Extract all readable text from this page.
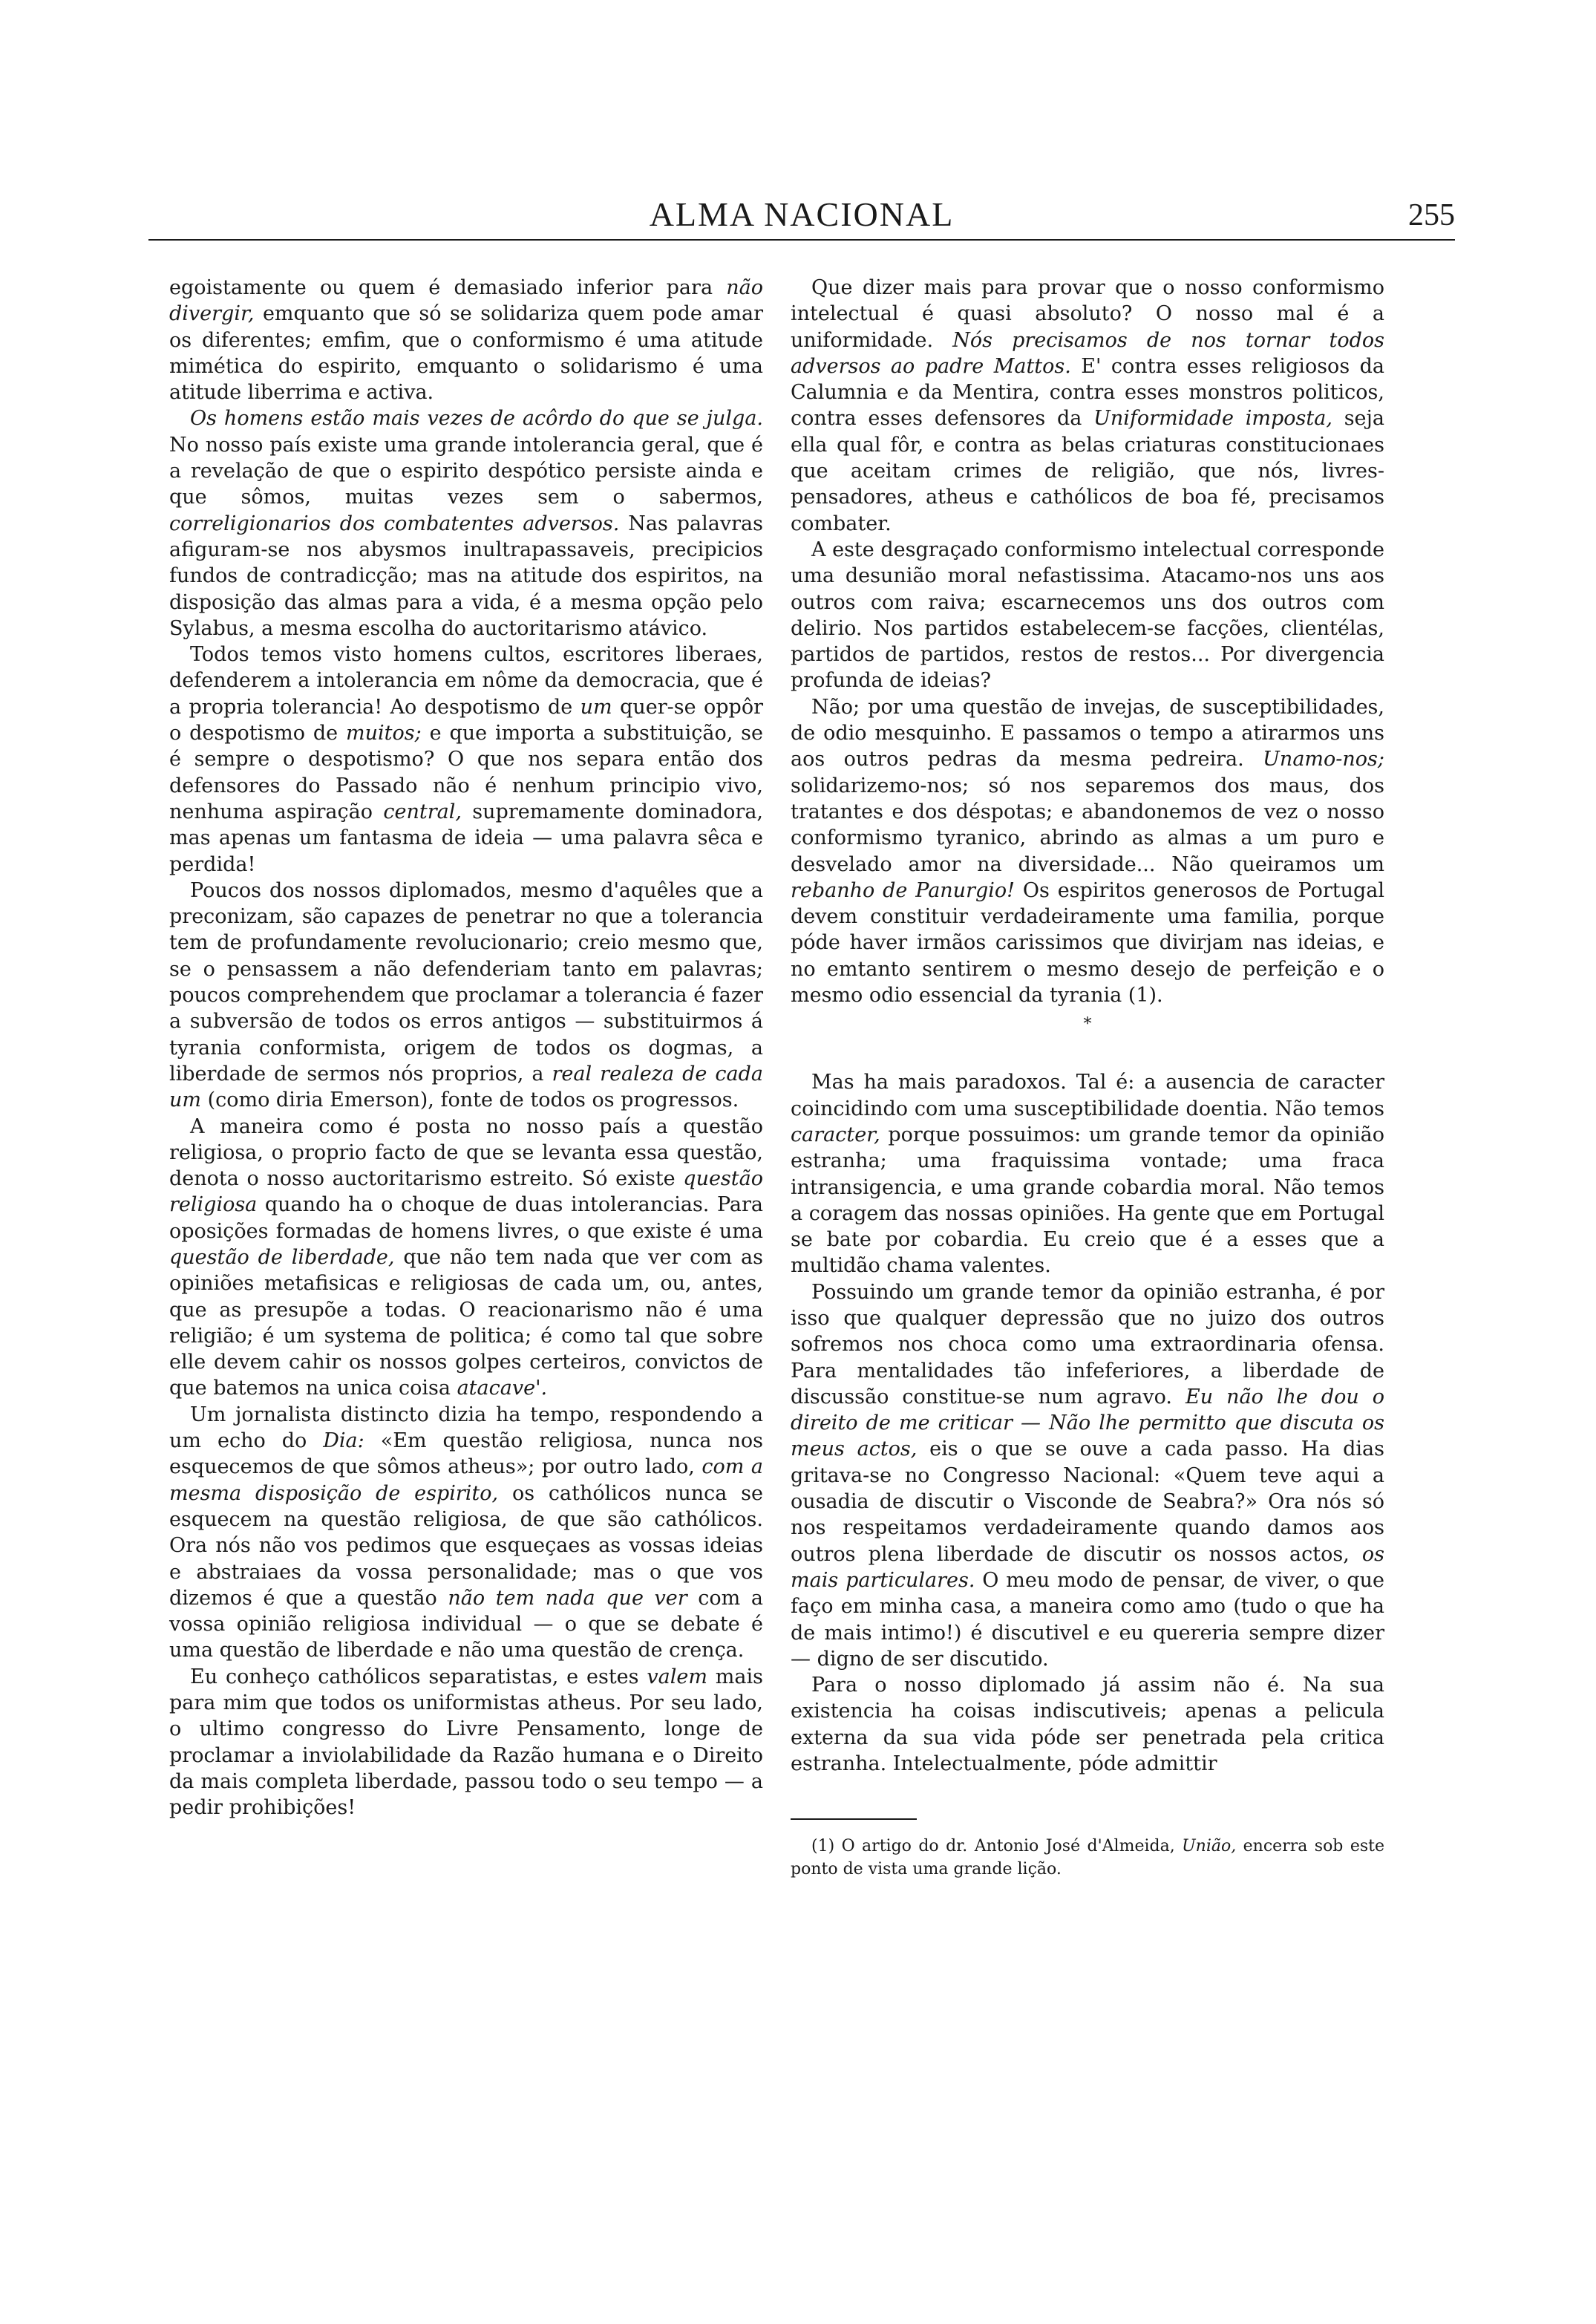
ALMA NACIONAL	255

egoistamente ou quem é demasiado inferior para não divergir, emquanto que só se solidariza quem pode amar os diferentes; emfim, que o conformismo é uma atitude mimética do espirito, emquanto o solidarismo é uma atitude liberrima e activa.

Os homens estão mais vezes de acôrdo do que se julga. No nosso país existe uma grande intolerancia geral, que é a revelação de que o espirito despótico persiste ainda e que sômos, muitas vezes sem o sabermos, correligionarios dos combatentes adversos. Nas palavras afiguram-se nos abysmos inultrapassaveis, precipicios fundos de contradicção; mas na atitude dos espiritos, na disposição das almas para a vida, é a mesma opção pelo Sylabus, a mesma escolha do auctoritarismo atávico.

Todos temos visto homens cultos, escritores liberaes, defenderem a intolerancia em nôme da democracia, que é a propria tolerancia! Ao despotismo de um quer-se oppôr o despotismo de muitos; e que importa a substituição, se é sempre o despotismo? O que nos separa então dos defensores do Passado não é nenhum principio vivo, nenhuma aspiração central, supremamente dominadora, mas apenas um fantasma de ideia — uma palavra sêca e perdida!

Poucos dos nossos diplomados, mesmo d'aquêles que a preconizam, são capazes de penetrar no que a tolerancia tem de profundamente revolucionario; creio mesmo que, se o pensassem a não defenderiam tanto em palavras; poucos comprehendem que proclamar a tolerancia é fazer a subversão de todos os erros antigos — substituirmos á tyrania conformista, origem de todos os dogmas, a liberdade de sermos nós proprios, a real realeza de cada um (como diria Emerson), fonte de todos os progressos.

A maneira como é posta no nosso país a questão religiosa, o proprio facto de que se levanta essa questão, denota o nosso auctoritarismo estreito. Só existe questão religiosa quando ha o choque de duas intolerancias. Para oposições formadas de homens livres, o que existe é uma questão de liberdade, que não tem nada que ver com as opiniões metafisicas e religiosas de cada um, ou, antes, que as presupõe a todas. O reacionarismo não é uma religião; é um systema de politica; é como tal que sobre elle devem cahir os nossos golpes certeiros, convictos de que batemos na unica coisa atacave'.

Um jornalista distincto dizia ha tempo, respondendo a um echo do Dia: «Em questão religiosa, nunca nos esquecemos de que sômos atheus»; por outro lado, com a mesma disposição de espirito, os cathólicos nunca se esquecem na questão religiosa, de que são cathólicos. Ora nós não vos pedimos que esqueçaes as vossas ideias e abstraiaes da vossa personalidade; mas o que vos dizemos é que a questão não tem nada que ver com a vossa opinião religiosa individual — o que se debate é uma questão de liberdade e não uma questão de crença.

Eu conheço cathólicos separatistas, e estes valem mais para mim que todos os uniformistas atheus. Por seu lado, o ultimo congresso do Livre Pensamento, longe de proclamar a inviolabilidade da Razão humana e o Direito da mais completa liberdade, passou todo o seu tempo — a pedir prohibições!

Que dizer mais para provar que o nosso conformismo intelectual é quasi absoluto? O nosso mal é a uniformidade. Nós precisamos de nos tornar todos adversos ao padre Mattos. E' contra esses religiosos da Calumnia e da Mentira, contra esses monstros politicos, contra esses defensores da Uniformidade imposta, seja ella qual fôr, e contra as belas criaturas constitucionaes que aceitam crimes de religião, que nós, livres-pensadores, atheus e cathólicos de boa fé, precisamos combater.

A este desgraçado conformismo intelectual corresponde uma desunião moral nefastissima. Atacamo-nos uns aos outros com raiva; escarnecemos uns dos outros com delirio. Nos partidos estabelecem-se facções, clientélas, partidos de partidos, restos de restos... Por divergencia profunda de ideias?

Não; por uma questão de invejas, de susceptibilidades, de odio mesquinho. E passamos o tempo a atirarmos uns aos outros pedras da mesma pedreira. Unamo-nos; solidarizemo-nos; só nos separemos dos maus, dos tratantes e dos déspotas; e abandonemos de vez o nosso conformismo tyranico, abrindo as almas a um puro e desvelado amor na diversidade... Não queiramos um rebanho de Panurgio! Os espiritos generosos de Portugal devem constituir verdadeiramente uma familia, porque póde haver irmãos carissimos que divirjam nas ideias, e no emtanto sentirem o mesmo desejo de perfeição e o mesmo odio essencial da tyrania (1).

*

Mas ha mais paradoxos. Tal é: a ausencia de caracter coincidindo com uma susceptibilidade doentia. Não temos caracter, porque possuimos: um grande temor da opinião estranha; uma fraquissima vontade; uma fraca intransigencia, e uma grande cobardia moral. Não temos a coragem das nossas opiniões. Ha gente que em Portugal se bate por cobardia. Eu creio que é a esses que a multidão chama valentes.

Possuindo um grande temor da opinião estranha, é por isso que qualquer depressão que no juizo dos outros sofremos nos choca como uma extraordinaria ofensa. Para mentalidades tão infeferiores, a liberdade de discussão constitue-se num agravo. Eu não lhe dou o direito de me criticar — Não lhe permitto que discuta os meus actos, eis o que se ouve a cada passo. Ha dias gritava-se no Congresso Nacional: «Quem teve aqui a ousadia de discutir o Visconde de Seabra?» Ora nós só nos respeitamos verdadeiramente quando damos aos outros plena liberdade de discutir os nossos actos, os mais particulares. O meu modo de pensar, de viver, o que faço em minha casa, a maneira como amo (tudo o que ha de mais intimo!) é discutivel e eu quereria sempre dizer — digno de ser discutido.

Para o nosso diplomado já assim não é. Na sua existencia ha coisas indiscutiveis; apenas a pelicula externa da sua vida póde ser penetrada pela critica estranha. Intelectualmente, póde admittir

(1) O artigo do dr. Antonio José d'Almeida, União, encerra sob este ponto de vista uma grande lição.
